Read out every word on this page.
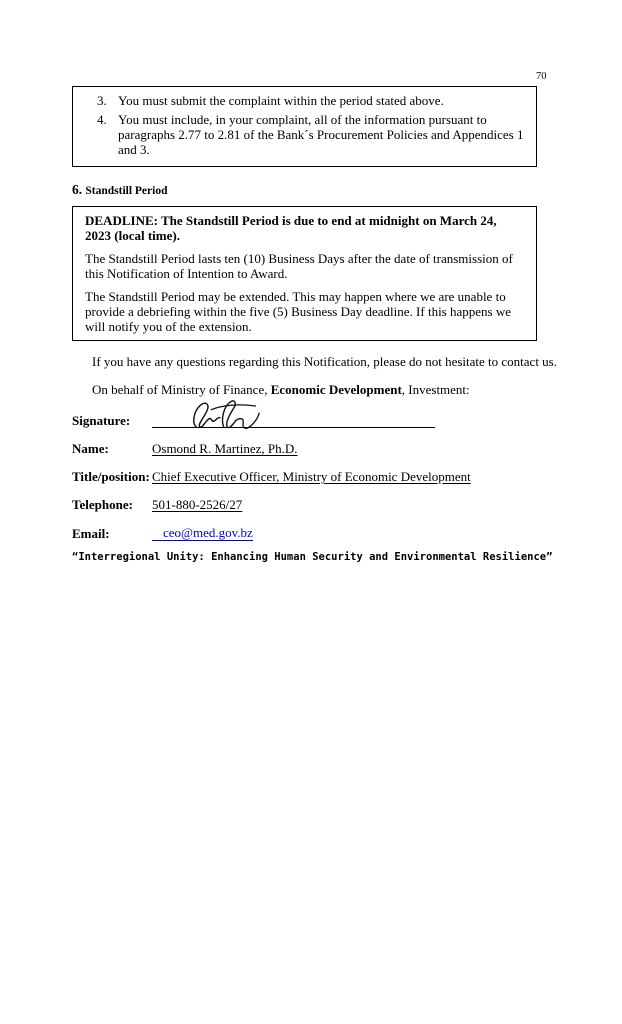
70
3. You must submit the complaint within the period stated above.
4. You must include, in your complaint, all of the information pursuant to paragraphs 2.77 to 2.81 of the Bank´s Procurement Policies and Appendices 1 and 3.
6. Standstill Period

DEADLINE: The Standstill Period is due to end at midnight on March 24, 2023 (local time).

The Standstill Period lasts ten (10) Business Days after the date of transmission of this Notification of Intention to Award.

The Standstill Period may be extended. This may happen where we are unable to provide a debriefing within the five (5) Business Day deadline. If this happens we will notify you of the extension.

If you have any questions regarding this Notification, please do not hesitate to contact us.

On behalf of Ministry of Finance, Economic Development, Investment:

Signature:
Name:	Osmond R. Martinez, Ph.D.
Title/position: Chief Executive Officer, Ministry of Economic Development
Telephone:	501-880-2526/27
Email:	ceo@med.gov.bz
“Interregional Unity: Enhancing Human Security and Environmental Resilience”
